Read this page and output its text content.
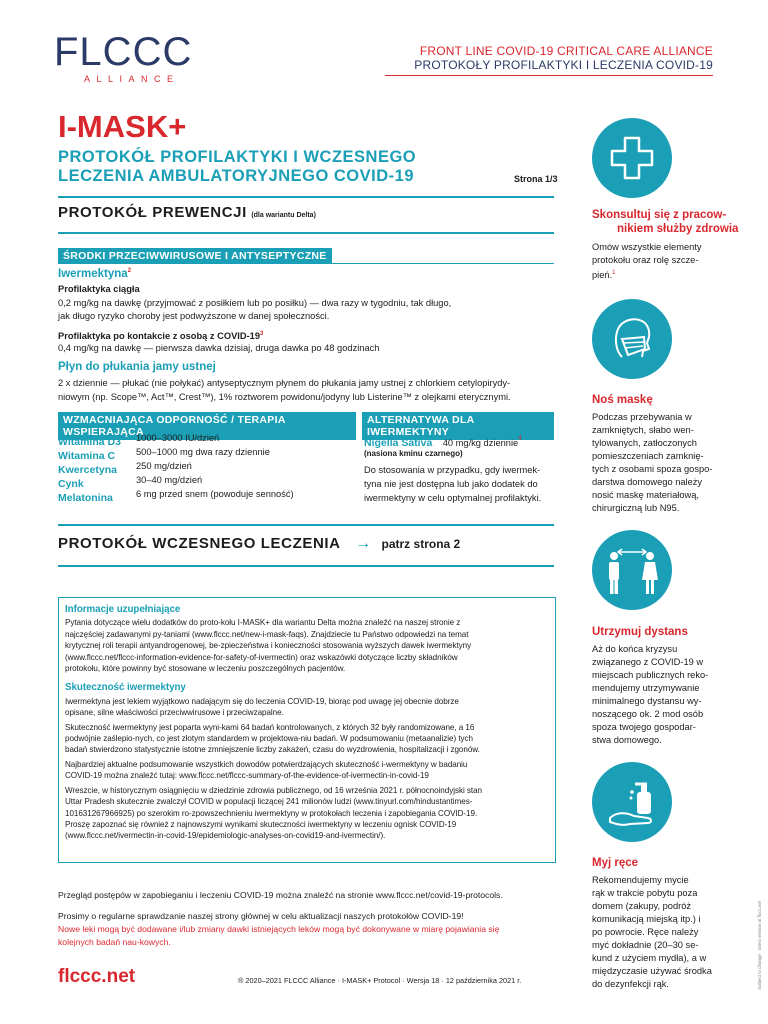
FLCCC
ALLIANCE
FRONT LINE COVID-19 CRITICAL CARE ALLIANCE
PROTOKOŁY PROFILAKTYKI I LECZENIA COVID-19
I-MASK+
PROTOKÓŁ PROFILAKTYKI I WCZESNEGO
LECZENIA AMBULATORYJNEGO COVID-19	Strona 1/3
PROTOKÓŁ PREWENCJI (dla wariantu Delta)
ŚRODKI PRZECIWWIRUSOWE I ANTYSEPTYCZNE
Iwermektyna$^2$
Profilaktyka ciągła
0,2 mg/kg na dawkę (przyjmować z posiłkiem lub po posiłku) — dwa razy w tygodniu, tak długo,
jak długo ryzyko choroby jest podwyższone w danej społeczności.
Profilaktyka po kontakcie z osobą z COVID-$19^3$
0,4 mg/kg na dawkę — pierwsza dawka dzisiaj, druga dawka po 48 godzinach
Płyn do płukania jamy ustnej
2 x dziennie — płukać (nie połykać) antyseptycznym płynem do płukania jamy ustnej z chlorkiem cetylopirydy-
niowym (np. Scope™, Act™, Crest™), 1% roztworem powidonu/jodyny lub Listerine™ z olejkami eterycznymi.
WZMACNIAJĄCA ODPORNOŚĆ / TERAPIA WSPIERAJĄCA
Witamina D3 1000–3000 IU/dzień
Witamina C 500–1000 mg dwa razy dziennie
Kwercetyna 250 mg/dzień
Cynk	30–40 mg/dzień
Melatonina 6 mg przed snem (powoduje senność)
ALTERNATYWA DLA IWERMEKTYNY
Nigella Sativa 40 mg/kg dziennie$^4$
(nasiona kminu czarnego)
Do stosowania w przypadku, gdy iwermek-
tyna nie jest dostępna lub jako dodatek do
iwermektyny w celu optymalnej profilaktyki.
PROTOKÓŁ WCZESNEGO LECZENIA → patrz strona 2
Informacje uzupełniające
Pytania dotyczące wielu dodatków do proto-kołu I-MASK+ dla wariantu Delta można znaleźć na naszej stronie z
najczęściej zadawanymi py-taniami (www.flccc.net/new-i-mask-faqs). Znajdziecie tu Państwo odpowiedzi na temat
krytycznej roli terapii antyandrogenowej, be-zpieczeństwa i konieczności stosowania wyższych dawek iwermektyny
(www.flccc.net/flccc-information-evidence-for-safety-of-ivermectin) oraz wskazówki dotyczące liczby składników
protokołu, które powinny być stosowane w leczeniu poszczególnych pacjentów.
Skuteczność iwermektyny
Iwermektyna jest lekiem wyjątkowo nadającym się do leczenia COVID-19, biorąc pod uwagę jej obecnie dobrze
opisane, silne właściwości przeciwwirusowe i przeciwzapalne.
Skuteczność iwermektyny jest poparta wyni-kami 64 badań kontrolowanych, z których 32 były randomizowane, a 16
podwójnie zaślepio-nych, co jest złotym standardem w projektowa-niu badań. W podsumowaniu (metaanalizie) tych
badań stwierdzono statystycznie istotne zmniejszenie liczby zakażeń, czasu do wyzdrowienia, hospitalizacji i zgonów.
Najbardziej aktualne podsumowanie wszystkich dowodów potwierdzających skuteczność i-wermektyny w badaniu
COVID-19 można znaleźć tutaj: www.flccc.net/flccc-summary-of-the-evidence-of-ivermectin-in-covid-19
Wreszcie, w historycznym osiągnięciu w dziedzinie zdrowia publicznego, od 16 września 2021 r. północnoindyjski stan
Uttar Pradesh skutecznie zwalczył COVID w populacji liczącej 241 milionów ludzi (www.tinyurl.com/hindustantimes-
101631267966925) po szerokim ro-zpowszechnieniu iwermektyny w protokołach leczenia i zapobiegania COVID-19.
Proszę zapoznać się również z najnowszymi wynikami skuteczności iwermektyny w leczeniu ognisk COVID-19
(www.flccc.net/ivermectin-in-covid-19/epidemiologic-analyses-on-covid19-and-ivermectin/).
Przegląd postępów w zapobieganiu i leczeniu COVID-19 można znaleźć na stronie www.flccc.net/covid-19-protocols.
Prosimy o regularne sprawdzanie naszej strony głównej w celu aktualizacji naszych protokołów COVID-19!
Nowe leki mogą być dodawane i/lub zmiany dawki istniejących leków mogą być dokonywane w miarę pojawiania się
kolejnych badań nau-kowych.
flccc.net	® 2020–2021 FLCCC Alliance · I-MASK+ Protocol · Wersja 18 · 12 października 2021 r.
Skonsultuj się z pracow-
nikiem służby zdrowia
Omów wszystkie elementy
protokołu oraz rolę szcze-
pień.$^1$
Noś maskę
Podczas przebywania w
zamkniętych, słabo wen-
tylowanych, zatłoczonych
pomieszczeniach zamknię-
tych z osobami spoza gospo-
darstwa domowego należy
nosić maskę materiałową,
chirurgiczną lub N95.
Utrzymuj dystans
Aż do końca kryzysu
związanego z COVID-19 w
miejscach publicznych reko-
mendujemy utrzymywanie
minimalnego dystansu wy-
noszącego ok. 2 mod osób
spoza twojego gospodar-
stwa domowego.
Myj ręce
Rekomendujemy mycie
rąk w trakcie pobytu poza
domem (zakupy, podróż
komunikacją miejską itp.) i
po powrocie. Ręce należy
myć dokładnie (20–30 se-
kund z użyciem mydła), a w
międzyczasie używać środka
do dezynfekcji rąk.	Subject to change · latest version at flccc.net
